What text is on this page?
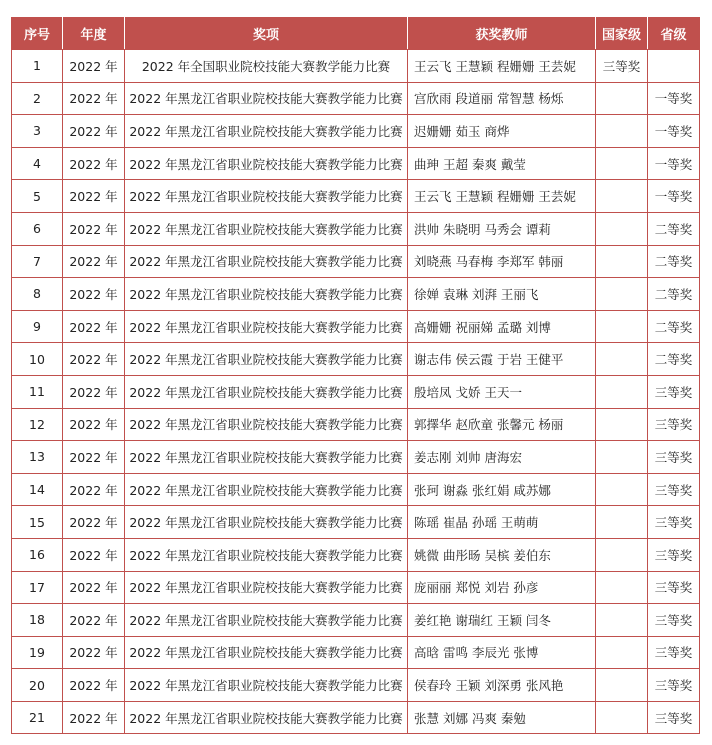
序号	年度	奖项	获奖教师	国家级	省级
1	2022 年	2022 年全国职业院校技能大赛教学能力比赛	王云飞 王慧颖 程姗姗 王芸妮	三等奖	
2	2022 年	2022 年黑龙江省职业院校技能大赛教学能力比赛	宫欣雨 段道丽 常智慧 杨烁		一等奖
3	2022 年	2022 年黑龙江省职业院校技能大赛教学能力比赛	迟姗姗 茹玉 商烨		一等奖
4	2022 年	2022 年黑龙江省职业院校技能大赛教学能力比赛	曲珅 王超 秦爽 戴莹		一等奖
5	2022 年	2022 年黑龙江省职业院校技能大赛教学能力比赛	王云飞 王慧颖 程姗姗 王芸妮		一等奖
6	2022 年	2022 年黑龙江省职业院校技能大赛教学能力比赛	洪帅 朱晓明 马秀会 谭莉		二等奖
7	2022 年	2022 年黑龙江省职业院校技能大赛教学能力比赛	刘晓燕 马春梅 李郑军 韩丽		二等奖
8	2022 年	2022 年黑龙江省职业院校技能大赛教学能力比赛	徐婵 袁琳 刘湃 王丽飞		二等奖
9	2022 年	2022 年黑龙江省职业院校技能大赛教学能力比赛	高姗姗 祝丽娣 孟璐 刘博		二等奖
10	2022 年	2022 年黑龙江省职业院校技能大赛教学能力比赛	谢志伟 侯云霞 于岩 王健平		二等奖
11	2022 年	2022 年黑龙江省职业院校技能大赛教学能力比赛	殷培凤 戈娇 王天一		三等奖
12	2022 年	2022 年黑龙江省职业院校技能大赛教学能力比赛	郭擇华 赵欣童 张馨元 杨丽		三等奖
13	2022 年	2022 年黑龙江省职业院校技能大赛教学能力比赛	姜志刚 刘帅 唐海宏		三等奖
14	2022 年	2022 年黑龙江省职业院校技能大赛教学能力比赛	张珂 谢淼 张红娟 咸苏娜		三等奖
15	2022 年	2022 年黑龙江省职业院校技能大赛教学能力比赛	陈瑶 崔晶 孙瑶 王萌萌		三等奖
16	2022 年	2022 年黑龙江省职业院校技能大赛教学能力比赛	姚微 曲彤旸 吴槟 姜伯东		三等奖
17	2022 年	2022 年黑龙江省职业院校技能大赛教学能力比赛	庞丽丽 郑悦 刘岩 孙彦		三等奖
18	2022 年	2022 年黑龙江省职业院校技能大赛教学能力比赛	姜红艳 谢瑞红 王颖 闫冬		三等奖
19	2022 年	2022 年黑龙江省职业院校技能大赛教学能力比赛	高晗 雷鸣 李辰光 张博		三等奖
20	2022 年	2022 年黑龙江省职业院校技能大赛教学能力比赛	侯春玲 王颖 刘深勇 张风艳		三等奖
21	2022 年	2022 年黑龙江省职业院校技能大赛教学能力比赛	张慧 刘娜 冯爽 秦勉		三等奖
